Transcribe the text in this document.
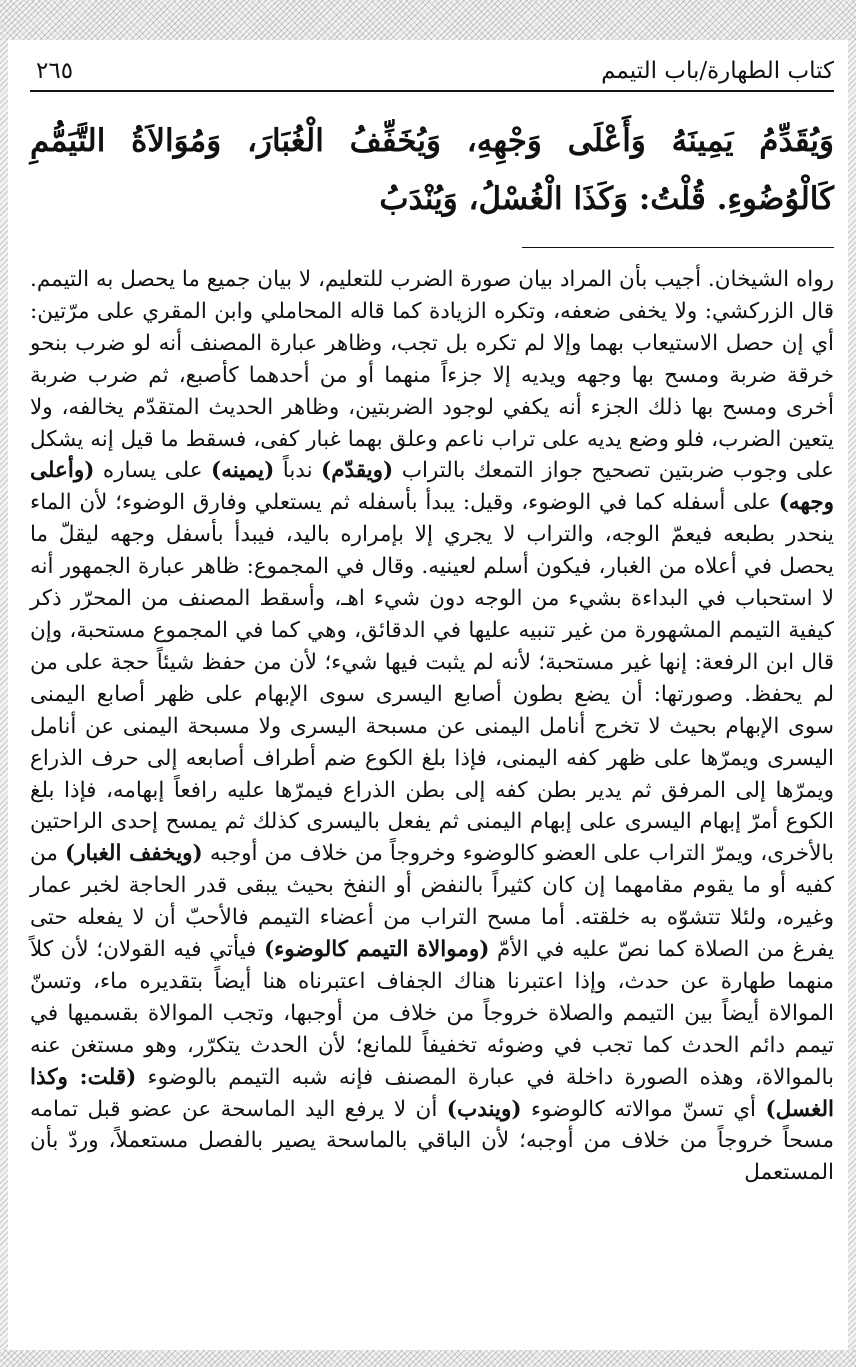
كتاب الطهارة/باب التيمم
٢٦٥
وَيُقَدِّمُ يَمِينَهُ وَأَعْلَى وَجْهِهِ، وَيُخَفِّفُ الْغُبَارَ، وَمُوَالاَةُ التَّيَمُّمِ كَالْوُضُوءِ. قُلْتُ: وَكَذَا الْغُسْلُ، وَيُنْدَبُ
رواه الشيخان. أجيب بأن المراد بيان صورة الضرب للتعليم، لا بيان جميع ما يحصل به التيمم. قال الزركشي: ولا يخفى ضعفه، وتكره الزيادة كما قاله المحاملي وابن المقري على مرّتين: أي إن حصل الاستيعاب بهما وإلا لم تكره بل تجب، وظاهر عبارة المصنف أنه لو ضرب بنحو خرقة ضربة ومسح بها وجهه ويديه إلا جزءاً منهما أو من أحدهما كأصبع، ثم ضرب ضربة أخرى ومسح بها ذلك الجزء أنه يكفي لوجود الضربتين، وظاهر الحديث المتقدّم يخالفه، ولا يتعين الضرب، فلو وضع يديه على تراب ناعم وعلق بهما غبار كفى، فسقط ما قيل إنه يشكل على وجوب ضربتين تصحيح جواز التمعك بالتراب (ويقدّم) ندباً (يمينه) على يساره (وأعلى وجهه) على أسفله كما في الوضوء، وقيل: يبدأ بأسفله ثم يستعلي وفارق الوضوء؛ لأن الماء ينحدر بطبعه فيعمّ الوجه، والتراب لا يجري إلا بإمراره باليد، فيبدأ بأسفل وجهه ليقلّ ما يحصل في أعلاه من الغبار، فيكون أسلم لعينيه. وقال في المجموع: ظاهر عبارة الجمهور أنه لا استحباب في البداءة بشيء من الوجه دون شيء اهـ، وأسقط المصنف من المحرّر ذكر كيفية التيمم المشهورة من غير تنبيه عليها في الدقائق، وهي كما في المجموع مستحبة، وإن قال ابن الرفعة: إنها غير مستحبة؛ لأنه لم يثبت فيها شيء؛ لأن من حفظ شيئاً حجة على من لم يحفظ. وصورتها: أن يضع بطون أصابع اليسرى سوى الإبهام على ظهر أصابع اليمنى سوى الإبهام بحيث لا تخرج أنامل اليمنى عن مسبحة اليسرى ولا مسبحة اليمنى عن أنامل اليسرى ويمرّها على ظهر كفه اليمنى، فإذا بلغ الكوع ضم أطراف أصابعه إلى حرف الذراع ويمرّها إلى المرفق ثم يدير بطن كفه إلى بطن الذراع فيمرّها عليه رافعاً إبهامه، فإذا بلغ الكوع أمرّ إبهام اليسرى على إبهام اليمنى ثم يفعل باليسرى كذلك ثم يمسح إحدى الراحتين بالأخرى، ويمرّ التراب على العضو كالوضوء وخروجاً من خلاف من أوجبه (ويخفف الغبار) من كفيه أو ما يقوم مقامهما إن كان كثيراً بالنفض أو النفخ بحيث يبقى قدر الحاجة لخبر عمار وغيره، ولئلا تتشوّه به خلقته. أما مسح التراب من أعضاء التيمم فالأحبّ أن لا يفعله حتى يفرغ من الصلاة كما نصّ عليه في الأمّ (وموالاة التيمم كالوضوء) فيأتي فيه القولان؛ لأن كلاً منهما طهارة عن حدث، وإذا اعتبرنا هناك الجفاف اعتبرناه هنا أيضاً بتقديره ماء، وتسنّ الموالاة أيضاً بين التيمم والصلاة خروجاً من خلاف من أوجبها، وتجب الموالاة بقسميها في تيمم دائم الحدث كما تجب في وضوئه تخفيفاً للمانع؛ لأن الحدث يتكرّر، وهو مستغن عنه بالموالاة، وهذه الصورة داخلة في عبارة المصنف فإنه شبه التيمم بالوضوء (قلت: وكذا الغسل) أي تسنّ موالاته كالوضوء (ويندب) أن لا يرفع اليد الماسحة عن عضو قبل تمامه مسحاً خروجاً من خلاف من أوجبه؛ لأن الباقي بالماسحة يصير بالفصل مستعملاً، وردّ بأن المستعمل
